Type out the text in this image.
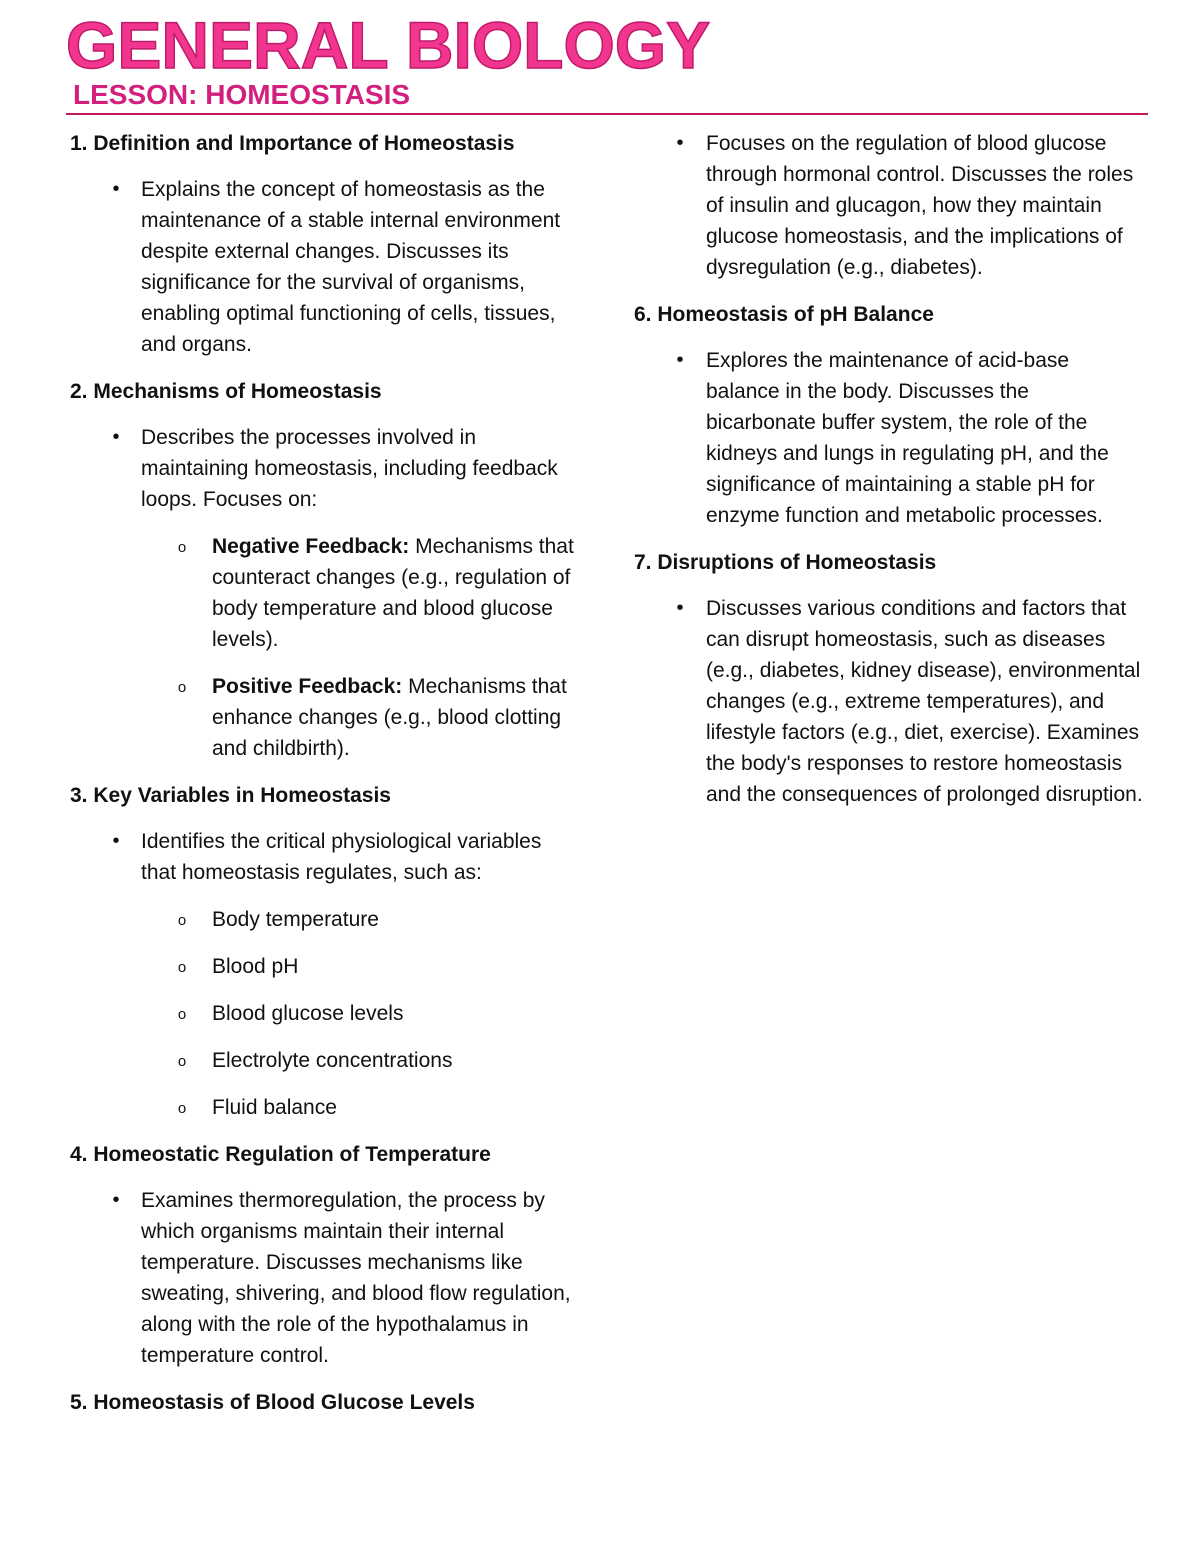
GENERAL BIOLOGY
LESSON: HOMEOSTASIS
1. Definition and Importance of Homeostasis
•	Explains the concept of homeostasis as the maintenance of a stable internal environment despite external changes. Discusses its significance for the survival of organisms, enabling optimal functioning of cells, tissues, and organs.
2. Mechanisms of Homeostasis
•	Describes the processes involved in maintaining homeostasis, including feedback loops. Focuses on:
o Negative Feedback: Mechanisms that counteract changes (e.g., regulation of body temperature and blood glucose levels).
o Positive Feedback: Mechanisms that enhance changes (e.g., blood clotting and childbirth).
3. Key Variables in Homeostasis
•	Identifies the critical physiological variables that homeostasis regulates, such as:
o Body temperature
o Blood pH
o Blood glucose levels
o Electrolyte concentrations
o Fluid balance
4. Homeostatic Regulation of Temperature
•	Examines thermoregulation, the process by which organisms maintain their internal temperature. Discusses mechanisms like sweating, shivering, and blood flow regulation, along with the role of the hypothalamus in temperature control.
5. Homeostasis of Blood Glucose Levels
•	Focuses on the regulation of blood glucose through hormonal control. Discusses the roles of insulin and glucagon, how they maintain glucose homeostasis, and the implications of dysregulation (e.g., diabetes).
6. Homeostasis of pH Balance
•	Explores the maintenance of acid-base balance in the body. Discusses the bicarbonate buffer system, the role of the kidneys and lungs in regulating pH, and the significance of maintaining a stable pH for enzyme function and metabolic processes.
7. Disruptions of Homeostasis
•	Discusses various conditions and factors that can disrupt homeostasis, such as diseases (e.g., diabetes, kidney disease), environmental changes (e.g., extreme temperatures), and lifestyle factors (e.g., diet, exercise). Examines the body's responses to restore homeostasis and the consequences of prolonged disruption.
